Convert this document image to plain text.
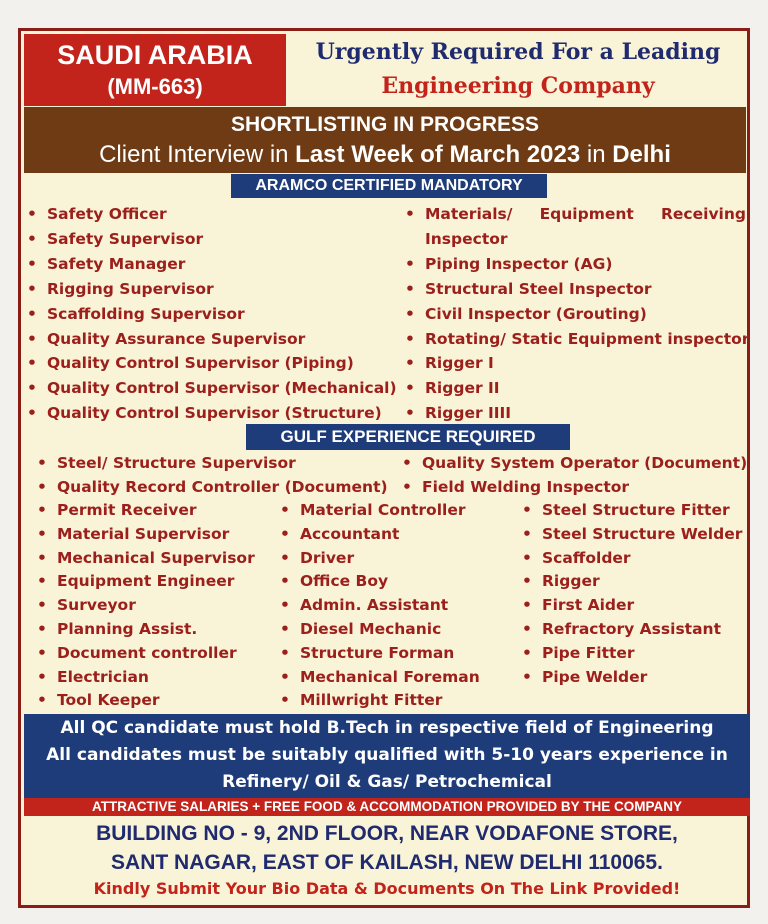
SAUDI ARABIA
(MM-663)
Urgently Required For a Leading
Engineering Company
SHORTLISTING IN PROGRESS
Client Interview in Last Week of March 2023 in Delhi
ARAMCO CERTIFIED MANDATORY
• Safety Officer
• Safety Supervisor
• Safety Manager
• Rigging Supervisor
• Scaffolding Supervisor
• Quality Assurance Supervisor
• Quality Control Supervisor (Piping)
• Quality Control Supervisor (Mechanical)
• Quality Control Supervisor (Structure)
• Materials/ Equipment Receiving
Inspector
• Piping Inspector (AG)
• Structural Steel Inspector
• Civil Inspector (Grouting)
• Rotating/ Static Equipment inspector
• Rigger I
• Rigger II
• Rigger IIII
GULF EXPERIENCE REQUIRED
• Steel/ Structure Supervisor
• Quality Record Controller (Document)
• Quality System Operator (Document)
• Field Welding Inspector
• Permit Receiver
• Material Supervisor
• Mechanical Supervisor
• Equipment Engineer
• Surveyor
• Planning Assist.
• Document controller
• Electrician
• Tool Keeper
• Material Controller
• Accountant
• Driver
• Office Boy
• Admin. Assistant
• Diesel Mechanic
• Structure Forman
• Mechanical Foreman
• Millwright Fitter
• Steel Structure Fitter
• Steel Structure Welder
• Scaffolder
• Rigger
• First Aider
• Refractory Assistant
• Pipe Fitter
• Pipe Welder
All QC candidate must hold B.Tech in respective field of Engineering
All candidates must be suitably qualified with 5-10 years experience in
Refinery/ Oil & Gas/ Petrochemical
ATTRACTIVE SALARIES + FREE FOOD & ACCOMMODATION PROVIDED BY THE COMPANY
BUILDING NO - 9, 2ND FLOOR, NEAR VODAFONE STORE,
SANT NAGAR, EAST OF KAILASH, NEW DELHI 110065.
Kindly Submit Your Bio Data & Documents On The Link Provided!
